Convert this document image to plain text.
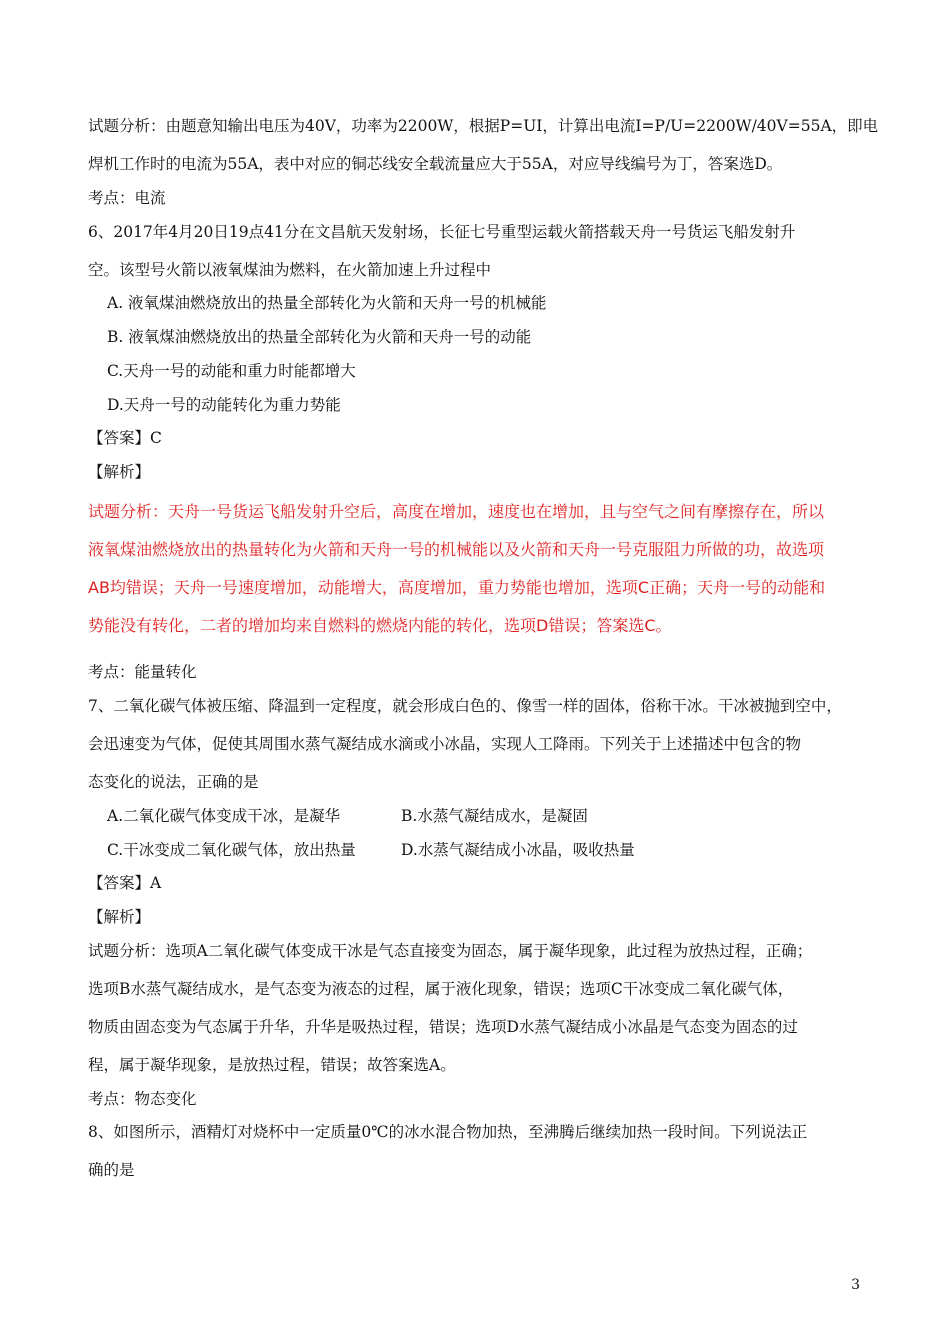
试题分析：由题意知输出电压为40V，功率为2200W，根据P=UI，计算出电流I=P/U=2200W/40V=55A，即电
焊机工作时的电流为55A，表中对应的铜芯线安全载流量应大于55A，对应导线编号为丁，答案选D。
考点：电流
6、2017年4月20日19点41分在文昌航天发射场，长征七号重型运载火箭搭载天舟一号货运飞船发射升
空。该型号火箭以液氧煤油为燃料，在火箭加速上升过程中
A. 液氧煤油燃烧放出的热量全部转化为火箭和天舟一号的机械能
B. 液氧煤油燃烧放出的热量全部转化为火箭和天舟一号的动能
C.天舟一号的动能和重力时能都增大
D.天舟一号的动能转化为重力势能
【答案】C
【解析】
试题分析：天舟一号货运飞船发射升空后，高度在增加，速度也在增加，且与空气之间有摩擦存在，所以
液氧煤油燃烧放出的热量转化为火箭和天舟一号的机械能以及火箭和天舟一号克服阻力所做的功，故选项
AB均错误；天舟一号速度增加，动能增大，高度增加，重力势能也增加，选项C正确；天舟一号的动能和
势能没有转化，二者的增加均来自燃料的燃烧内能的转化，选项D错误；答案选C。
考点：能量转化
7、二氧化碳气体被压缩、降温到一定程度，就会形成白色的、像雪一样的固体，俗称干冰。干冰被抛到空中，
会迅速变为气体，促使其周围水蒸气凝结成水滴或小冰晶，实现人工降雨。下列关于上述描述中包含的物
态变化的说法，正确的是
A.二氧化碳气体变成干冰，是凝华	B.水蒸气凝结成水，是凝固
C.干冰变成二氧化碳气体，放出热量	D.水蒸气凝结成小冰晶，吸收热量
【答案】A
【解析】
试题分析：选项A二氧化碳气体变成干冰是气态直接变为固态，属于凝华现象，此过程为放热过程，正确；
选项B水蒸气凝结成水，是气态变为液态的过程，属于液化现象，错误；选项C干冰变成二氧化碳气体，
物质由固态变为气态属于升华，升华是吸热过程，错误；选项D水蒸气凝结成小冰晶是气态变为固态的过
程，属于凝华现象，是放热过程，错误；故答案选A。
考点：物态变化
8、如图所示，酒精灯对烧杯中一定质量0℃的冰水混合物加热，至沸腾后继续加热一段时间。下列说法正
确的是
3
